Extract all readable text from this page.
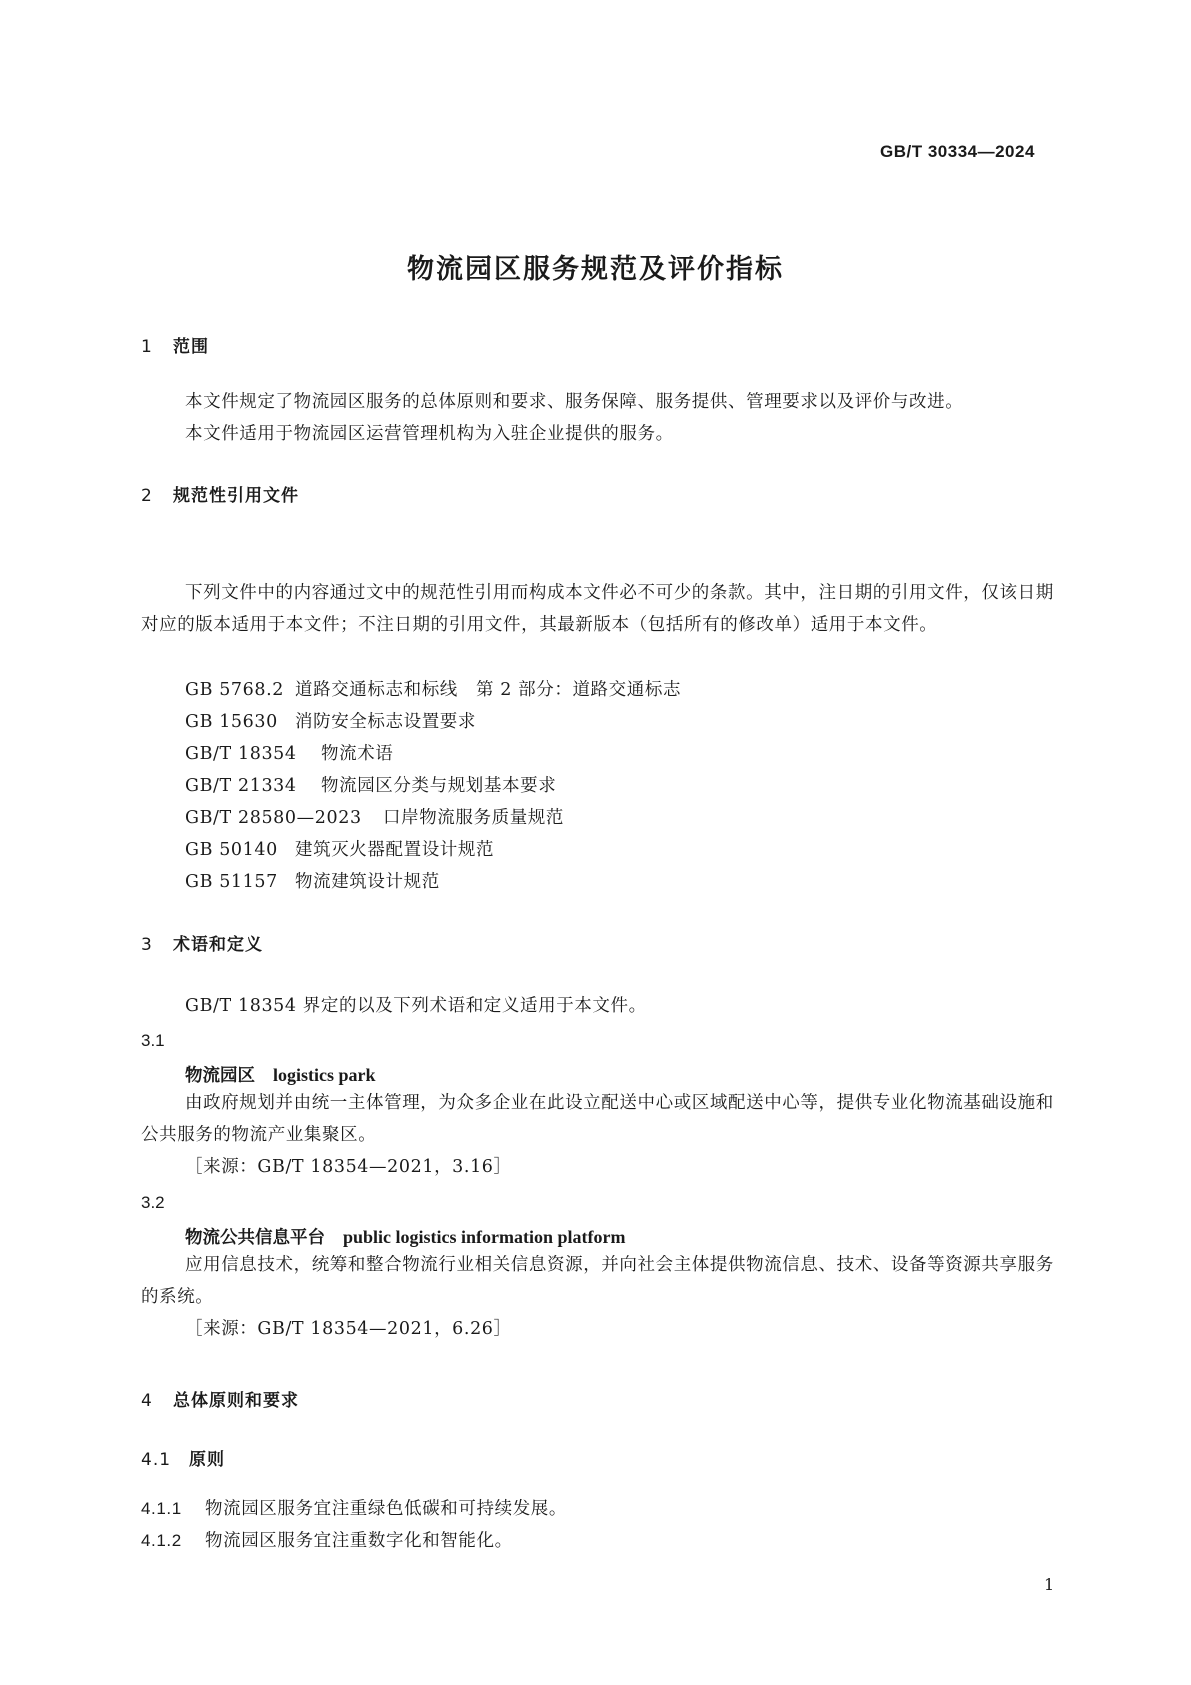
GB/T 30334—2024
物流园区服务规范及评价指标
1 范围
本文件规定了物流园区服务的总体原则和要求、服务保障、服务提供、管理要求以及评价与改进。
本文件适用于物流园区运营管理机构为入驻企业提供的服务。
2 规范性引用文件
下列文件中的内容通过文中的规范性引用而构成本文件必不可少的条款。其中，注日期的引用文件，仅该日期对应的版本适用于本文件；不注日期的引用文件，其最新版本（包括所有的修改单）适用于本文件。
GB 5768.2 道路交通标志和标线　第 2 部分：道路交通标志
GB 15630 消防安全标志设置要求
GB/T 18354 物流术语
GB/T 21334 物流园区分类与规划基本要求
GB/T 28580—2023 口岸物流服务质量规范
GB 50140 建筑灭火器配置设计规范
GB 51157 物流建筑设计规范
3 术语和定义
GB/T 18354 界定的以及下列术语和定义适用于本文件。
3.1
物流园区 logistics park
由政府规划并由统一主体管理，为众多企业在此设立配送中心或区域配送中心等，提供专业化物流基础设施和公共服务的物流产业集聚区。
［来源：GB/T 18354—2021，3.16］
3.2
物流公共信息平台 public logistics information platform
应用信息技术，统筹和整合物流行业相关信息资源，并向社会主体提供物流信息、技术、设备等资源共享服务的系统。
［来源：GB/T 18354—2021，6.26］
4 总体原则和要求
4.1 原则
4.1.1 物流园区服务宜注重绿色低碳和可持续发展。
4.1.2 物流园区服务宜注重数字化和智能化。
1
